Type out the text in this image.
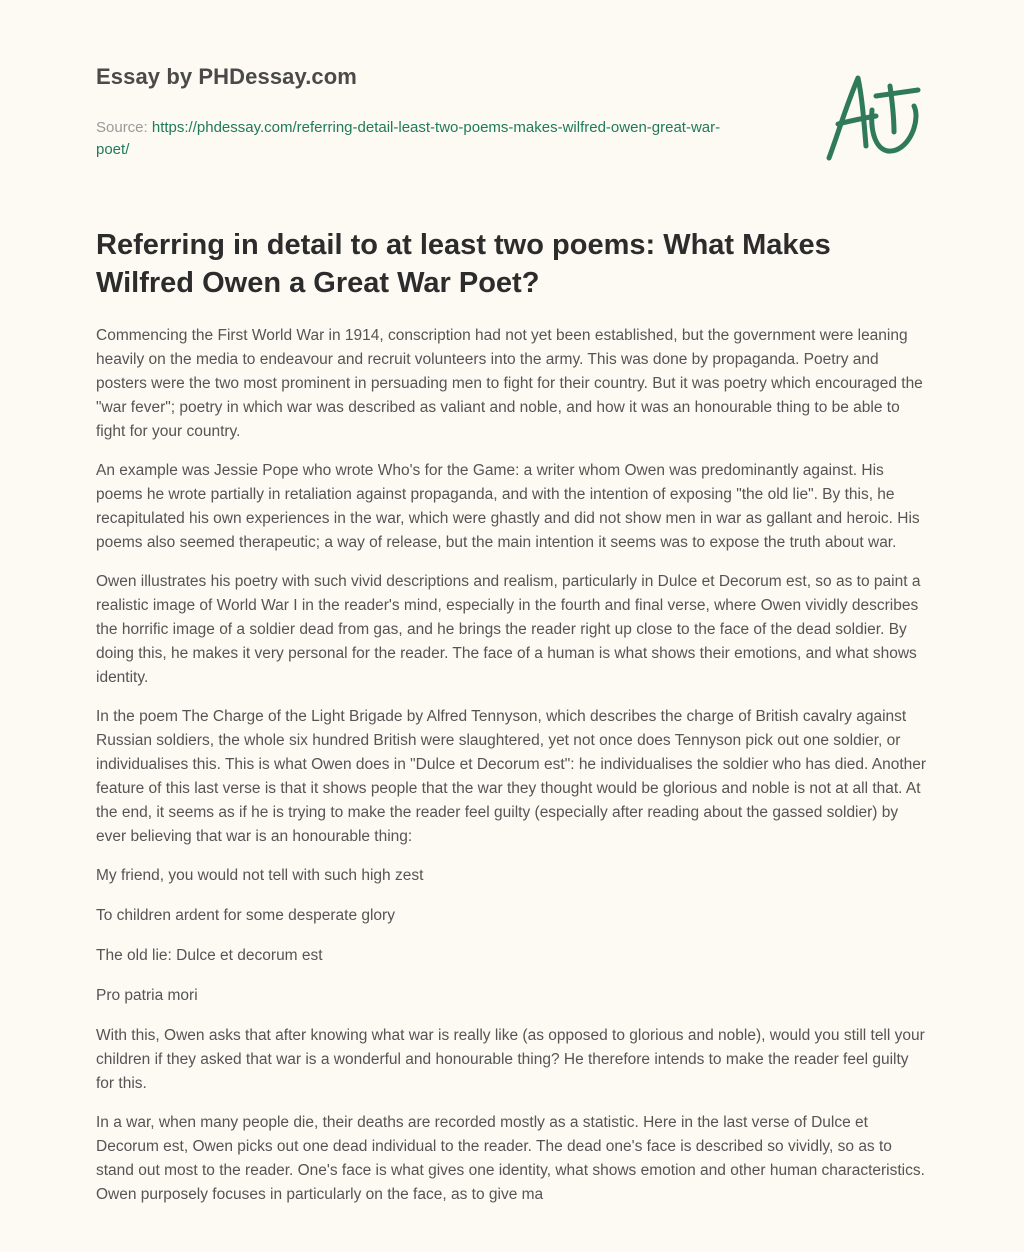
Essay by PHDessay.com
Source: https://phdessay.com/referring-detail-least-two-poems-makes-wilfred-owen-great-war-poet/
Referring in detail to at least two poems: What Makes Wilfred Owen a Great War Poet?

Commencing the First World War in 1914, conscription had not yet been established, but the government were leaning heavily on the media to endeavour and recruit volunteers into the army. This was done by propaganda. Poetry and posters were the two most prominent in persuading men to fight for their country. But it was poetry which encouraged the "war fever"; poetry in which war was described as valiant and noble, and how it was an honourable thing to be able to fight for your country.

An example was Jessie Pope who wrote Who's for the Game: a writer whom Owen was predominantly against. His poems he wrote partially in retaliation against propaganda, and with the intention of exposing "the old lie". By this, he recapitulated his own experiences in the war, which were ghastly and did not show men in war as gallant and heroic. His poems also seemed therapeutic; a way of release, but the main intention it seems was to expose the truth about war.

Owen illustrates his poetry with such vivid descriptions and realism, particularly in Dulce et Decorum est, so as to paint a realistic image of World War I in the reader's mind, especially in the fourth and final verse, where Owen vividly describes the horrific image of a soldier dead from gas, and he brings the reader right up close to the face of the dead soldier. By doing this, he makes it very personal for the reader. The face of a human is what shows their emotions, and what shows identity.

In the poem The Charge of the Light Brigade by Alfred Tennyson, which describes the charge of British cavalry against Russian soldiers, the whole six hundred British were slaughtered, yet not once does Tennyson pick out one soldier, or individualises this. This is what Owen does in "Dulce et Decorum est": he individualises the soldier who has died. Another feature of this last verse is that it shows people that the war they thought would be glorious and noble is not at all that. At the end, it seems as if he is trying to make the reader feel guilty (especially after reading about the gassed soldier) by ever believing that war is an honourable thing:

My friend, you would not tell with such high zest

To children ardent for some desperate glory

The old lie: Dulce et decorum est

Pro patria mori

With this, Owen asks that after knowing what war is really like (as opposed to glorious and noble), would you still tell your children if they asked that war is a wonderful and honourable thing? He therefore intends to make the reader feel guilty for this.

In a war, when many people die, their deaths are recorded mostly as a statistic. Here in the last verse of Dulce et Decorum est, Owen picks out one dead individual to the reader. The dead one's face is described so vividly, so as to stand out most to the reader. One's face is what gives one identity, what shows emotion and other human characteristics. Owen purposely focuses in particularly on the face, as to give ma
